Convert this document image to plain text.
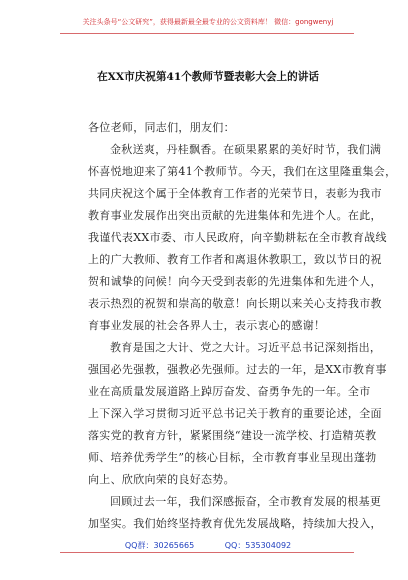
关注头条号“公文研究”，获得最新最全最专业的公文资料库！ 微信：gongwenyj
在XX市庆祝第41个教师节暨表彰大会上的讲话

各位老师，同志们，朋友们：

金秋送爽，丹桂飘香。在硕果累累的美好时节，我们满
怀喜悦地迎来了第41个教师节。今天，我们在这里隆重集会，
共同庆祝这个属于全体教育工作者的光荣节日，表彰为我市
教育事业发展作出突出贡献的先进集体和先进个人。在此，
我谨代表XX市委、市人民政府，向辛勤耕耘在全市教育战线
上的广大教师、教育工作者和离退休教职工，致以节日的祝
贺和诚挚的问候！向今天受到表彰的先进集体和先进个人，
表示热烈的祝贺和崇高的敬意！向长期以来关心支持我市教
育事业发展的社会各界人士，表示衷心的感谢！

教育是国之大计、党之大计。习近平总书记深刻指出，
强国必先强教，强教必先强师。过去的一年，是XX市教育事
业在高质量发展道路上踔厉奋发、奋勇争先的一年。全市
上下深入学习贯彻习近平总书记关于教育的重要论述，全面
落实党的教育方针，紧紧围绕“建设一流学校、打造精英教
师、培养优秀学生”的核心目标，全市教育事业呈现出蓬勃
向上、欣欣向荣的良好态势。

回顾过去一年，我们深感振奋，全市教育发展的根基更
加坚实。我们始终坚持教育优先发展战略，持续加大投入，

QQ群：30265665	QQ：535304092
